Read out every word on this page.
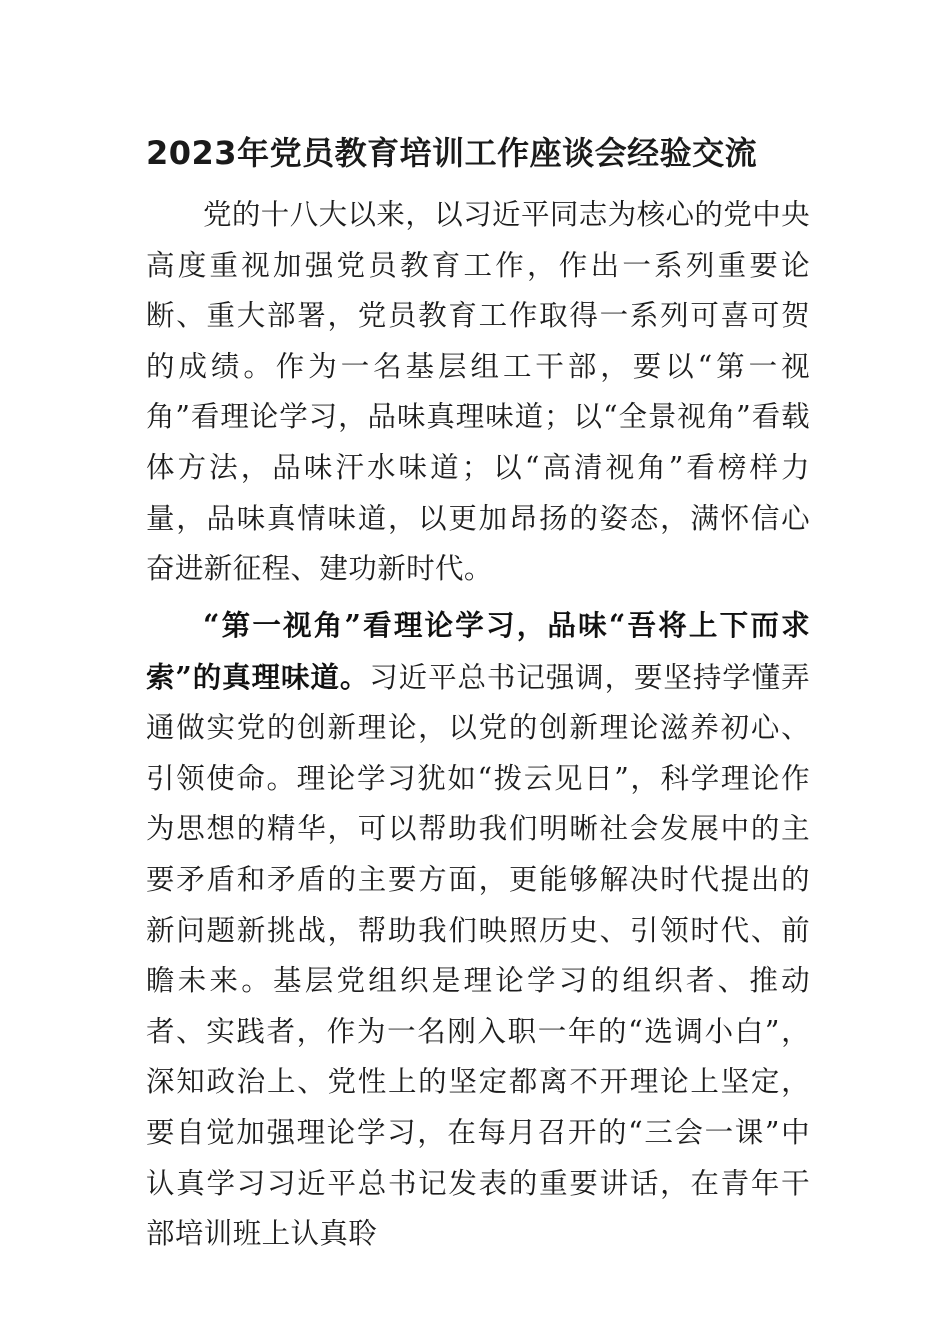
2023年党员教育培训工作座谈会经验交流

党的十八大以来，以习近平同志为核心的党中央高度重视加强党员教育工作，作出一系列重要论断、重大部署，党员教育工作取得一系列可喜可贺的成绩。作为一名基层组工干部，要以“第一视角”看理论学习，品味真理味道；以“全景视角”看载体方法，品味汗水味道；以“高清视角”看榜样力量，品味真情味道，以更加昂扬的姿态，满怀信心奋进新征程、建功新时代。

“第一视角”看理论学习，品味“吾将上下而求索”的真理味道。习近平总书记强调，要坚持学懂弄通做实党的创新理论，以党的创新理论滋养初心、引领使命。理论学习犹如“拨云见日”，科学理论作为思想的精华，可以帮助我们明晰社会发展中的主要矛盾和矛盾的主要方面，更能够解决时代提出的新问题新挑战，帮助我们映照历史、引领时代、前瞻未来。基层党组织是理论学习的组织者、推动者、实践者，作为一名刚入职一年的“选调小白”，深知政治上、党性上的坚定都离不开理论上坚定，要自觉加强理论学习，在每月召开的“三会一课”中认真学习习近平总书记发表的重要讲话，在青年干部培训班上认真聆
